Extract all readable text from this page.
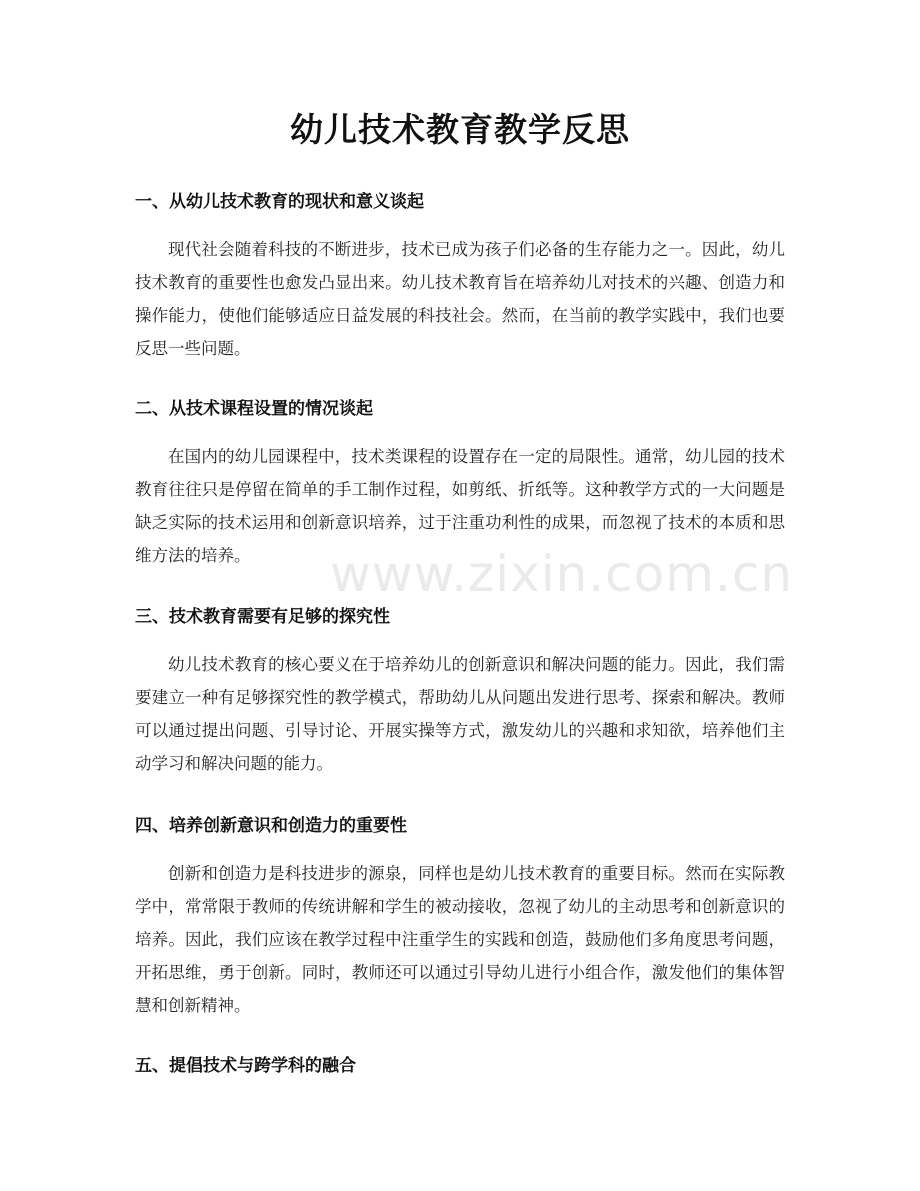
幼儿技术教育教学反思
一、从幼儿技术教育的现状和意义谈起
现代社会随着科技的不断进步，技术已成为孩子们必备的生存能力之一。因此，幼儿技术教育的重要性也愈发凸显出来。幼儿技术教育旨在培养幼儿对技术的兴趣、创造力和操作能力，使他们能够适应日益发展的科技社会。然而，在当前的教学实践中，我们也要反思一些问题。
二、从技术课程设置的情况谈起
在国内的幼儿园课程中，技术类课程的设置存在一定的局限性。通常，幼儿园的技术教育往往只是停留在简单的手工制作过程，如剪纸、折纸等。这种教学方式的一大问题是缺乏实际的技术运用和创新意识培养，过于注重功利性的成果，而忽视了技术的本质和思维方法的培养。
三、技术教育需要有足够的探究性
幼儿技术教育的核心要义在于培养幼儿的创新意识和解决问题的能力。因此，我们需要建立一种有足够探究性的教学模式，帮助幼儿从问题出发进行思考、探索和解决。教师可以通过提出问题、引导讨论、开展实操等方式，激发幼儿的兴趣和求知欲，培养他们主动学习和解决问题的能力。
四、培养创新意识和创造力的重要性
创新和创造力是科技进步的源泉，同样也是幼儿技术教育的重要目标。然而在实际教学中，常常限于教师的传统讲解和学生的被动接收，忽视了幼儿的主动思考和创新意识的培养。因此，我们应该在教学过程中注重学生的实践和创造，鼓励他们多角度思考问题，开拓思维，勇于创新。同时，教师还可以通过引导幼儿进行小组合作，激发他们的集体智慧和创新精神。
五、提倡技术与跨学科的融合
www.zixin.com.cn
